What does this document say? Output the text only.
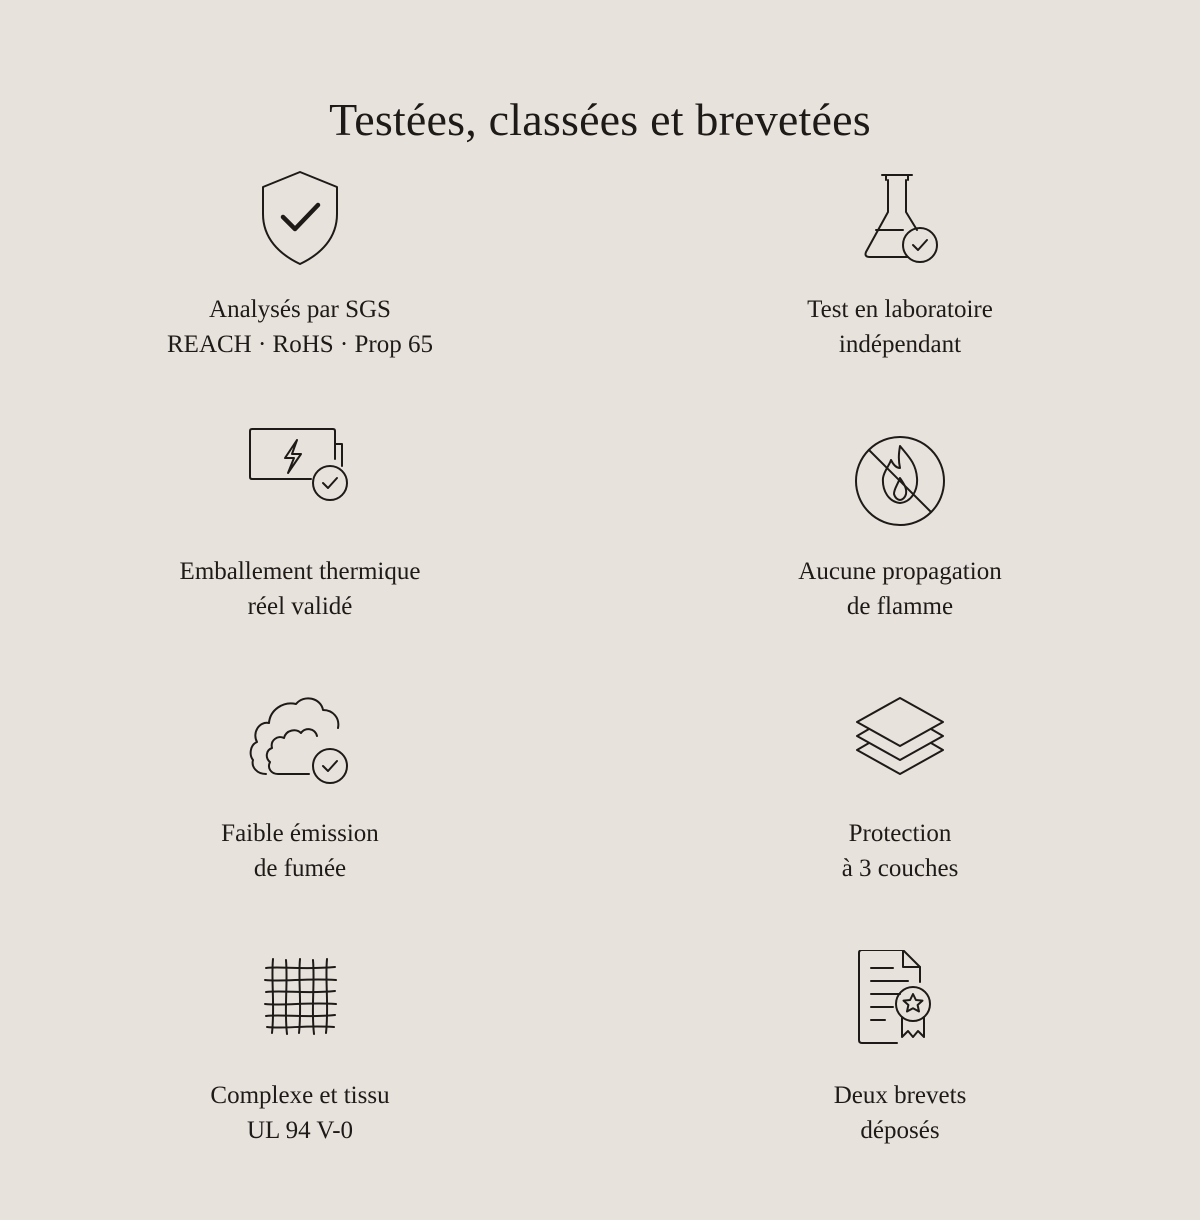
Testées, classées et brevetées
Analysés par SGS
REACH · RoHS · Prop 65
Test en laboratoire
indépendant
Emballement thermique
réel validé
Aucune propagation
de flamme
Faible émission
de fumée
Protection
à 3 couches
Complexe et tissu
UL 94 V-0
Deux brevets
déposés
